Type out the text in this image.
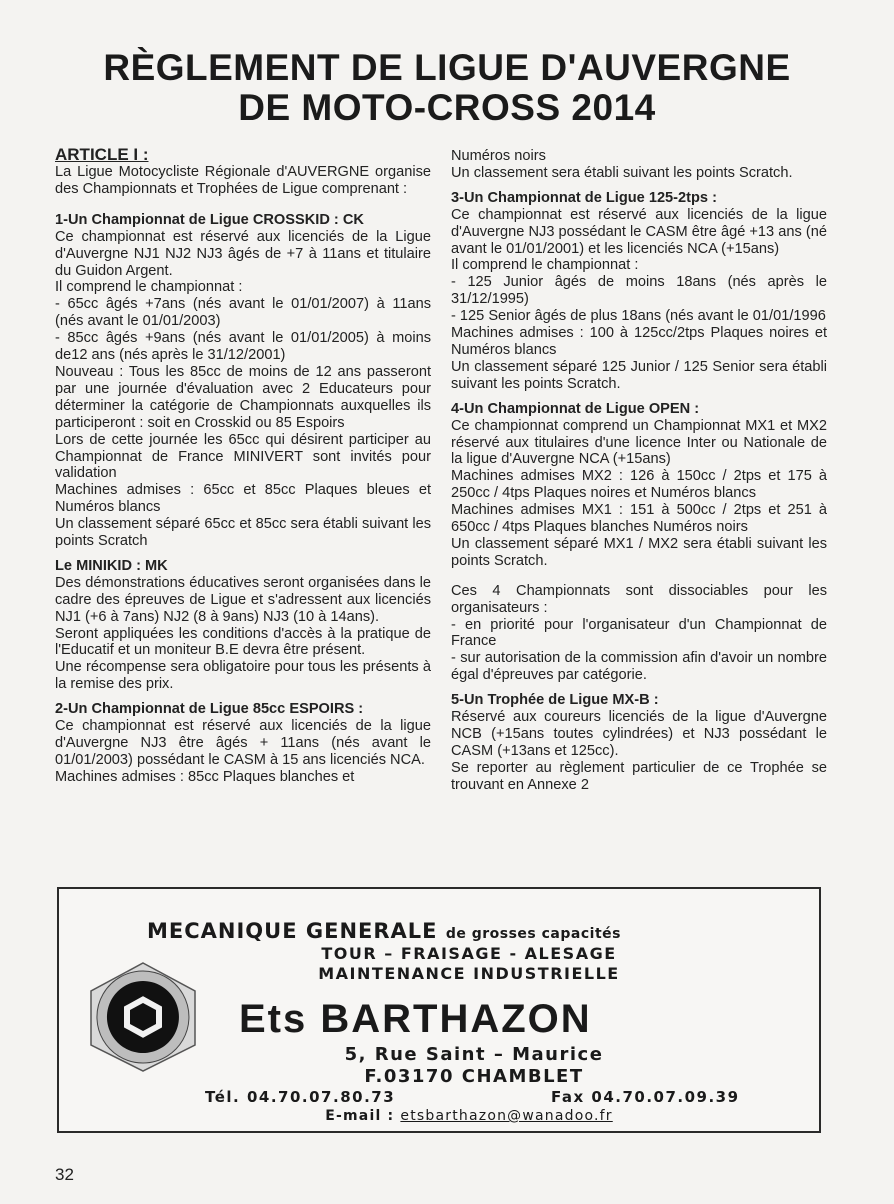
RÈGLEMENT DE LIGUE D'AUVERGNE
DE MOTO-CROSS 2014

ARTICLE I :

La Ligue Motocycliste Régionale d'AUVERGNE organise des Championnats et Trophées de Ligue comprenant :

1-Un Championnat de Ligue CROSSKID : CK

Ce championnat est réservé aux licenciés de la Ligue d'Auvergne NJ1 NJ2 NJ3 âgés de +7 à 11ans et titulaire du Guidon Argent.

Il comprend le championnat :

- 65cc âgés +7ans (nés avant le 01/01/2007) à 11ans (nés avant le 01/01/2003)

- 85cc âgés +9ans (nés avant le 01/01/2005) à moins de12 ans (nés après le 31/12/2001)

Nouveau : Tous les 85cc de moins de 12 ans passeront par une journée d'évaluation avec 2 Educateurs pour déterminer la catégorie de Championnats auxquelles ils participeront : soit en Crosskid ou 85 Espoirs

Lors de cette journée les 65cc qui désirent participer au Championnat de France MINIVERT sont invités pour validation

Machines admises : 65cc et 85cc Plaques bleues et Numéros blancs

Un classement séparé 65cc et 85cc sera établi suivant les points Scratch

Le MINIKID : MK

Des démonstrations éducatives seront organisées dans le cadre des épreuves de Ligue et s'adressent aux licenciés NJ1 (+6 à 7ans) NJ2 (8 à 9ans) NJ3 (10 à 14ans).

Seront appliquées les conditions d'accès à la pratique de l'Educatif et un moniteur B.E devra être présent.

Une récompense sera obligatoire pour tous les présents à la remise des prix.

2-Un Championnat de Ligue 85cc ESPOIRS :

Ce championnat est réservé aux licenciés de la ligue d'Auvergne NJ3 être âgés + 11ans (nés avant le 01/01/2003) possédant le CASM à 15 ans licenciés NCA.

Machines admises : 85cc Plaques blanches et

Numéros noirs

Un classement sera établi suivant les points Scratch.

3-Un Championnat de Ligue 125-2tps :

Ce championnat est réservé aux licenciés de la ligue d'Auvergne NJ3 possédant le CASM être âgé +13 ans (né avant le 01/01/2001) et les licenciés NCA (+15ans)

Il comprend le championnat :

- 125 Junior âgés de moins 18ans (nés après le 31/12/1995)

- 125 Senior âgés de plus 18ans (nés avant le 01/01/1996

Machines admises : 100 à 125cc/2tps Plaques noires et Numéros blancs

Un classement séparé 125 Junior / 125 Senior sera établi suivant les points Scratch.

4-Un Championnat de Ligue OPEN :

Ce championnat comprend un Championnat MX1 et MX2 réservé aux titulaires d'une licence Inter ou Nationale de la ligue d'Auvergne NCA (+15ans)

Machines admises MX2 : 126 à 150cc / 2tps et 175 à 250cc / 4tps Plaques noires et Numéros blancs

Machines admises MX1 : 151 à 500cc / 2tps et 251 à 650cc / 4tps Plaques blanches Numéros noirs

Un classement séparé MX1 / MX2 sera établi suivant les points Scratch.

Ces 4 Championnats sont dissociables pour les organisateurs :

- en priorité pour l'organisateur d'un Championnat de France

- sur autorisation de la commission afin d'avoir un nombre égal d'épreuves par catégorie.

5-Un Trophée de Ligue MX-B :

Réservé aux coureurs licenciés de la ligue d'Auvergne NCB (+15ans toutes cylindrées) et NJ3 possédant le CASM (+13ans et 125cc).

Se reporter au règlement particulier de ce Trophée se trouvant en Annexe 2

MECANIQUE GENERALE de grosses capacités
TOUR – FRAISAGE - ALESAGE
MAINTENANCE INDUSTRIELLE
Ets BARTHAZON
5, Rue Saint – Maurice
F.03170 CHAMBLET
Tél. 04.70.07.80.73	Fax 04.70.07.09.39
E-mail : etsbarthazon@wanadoo.fr
32
